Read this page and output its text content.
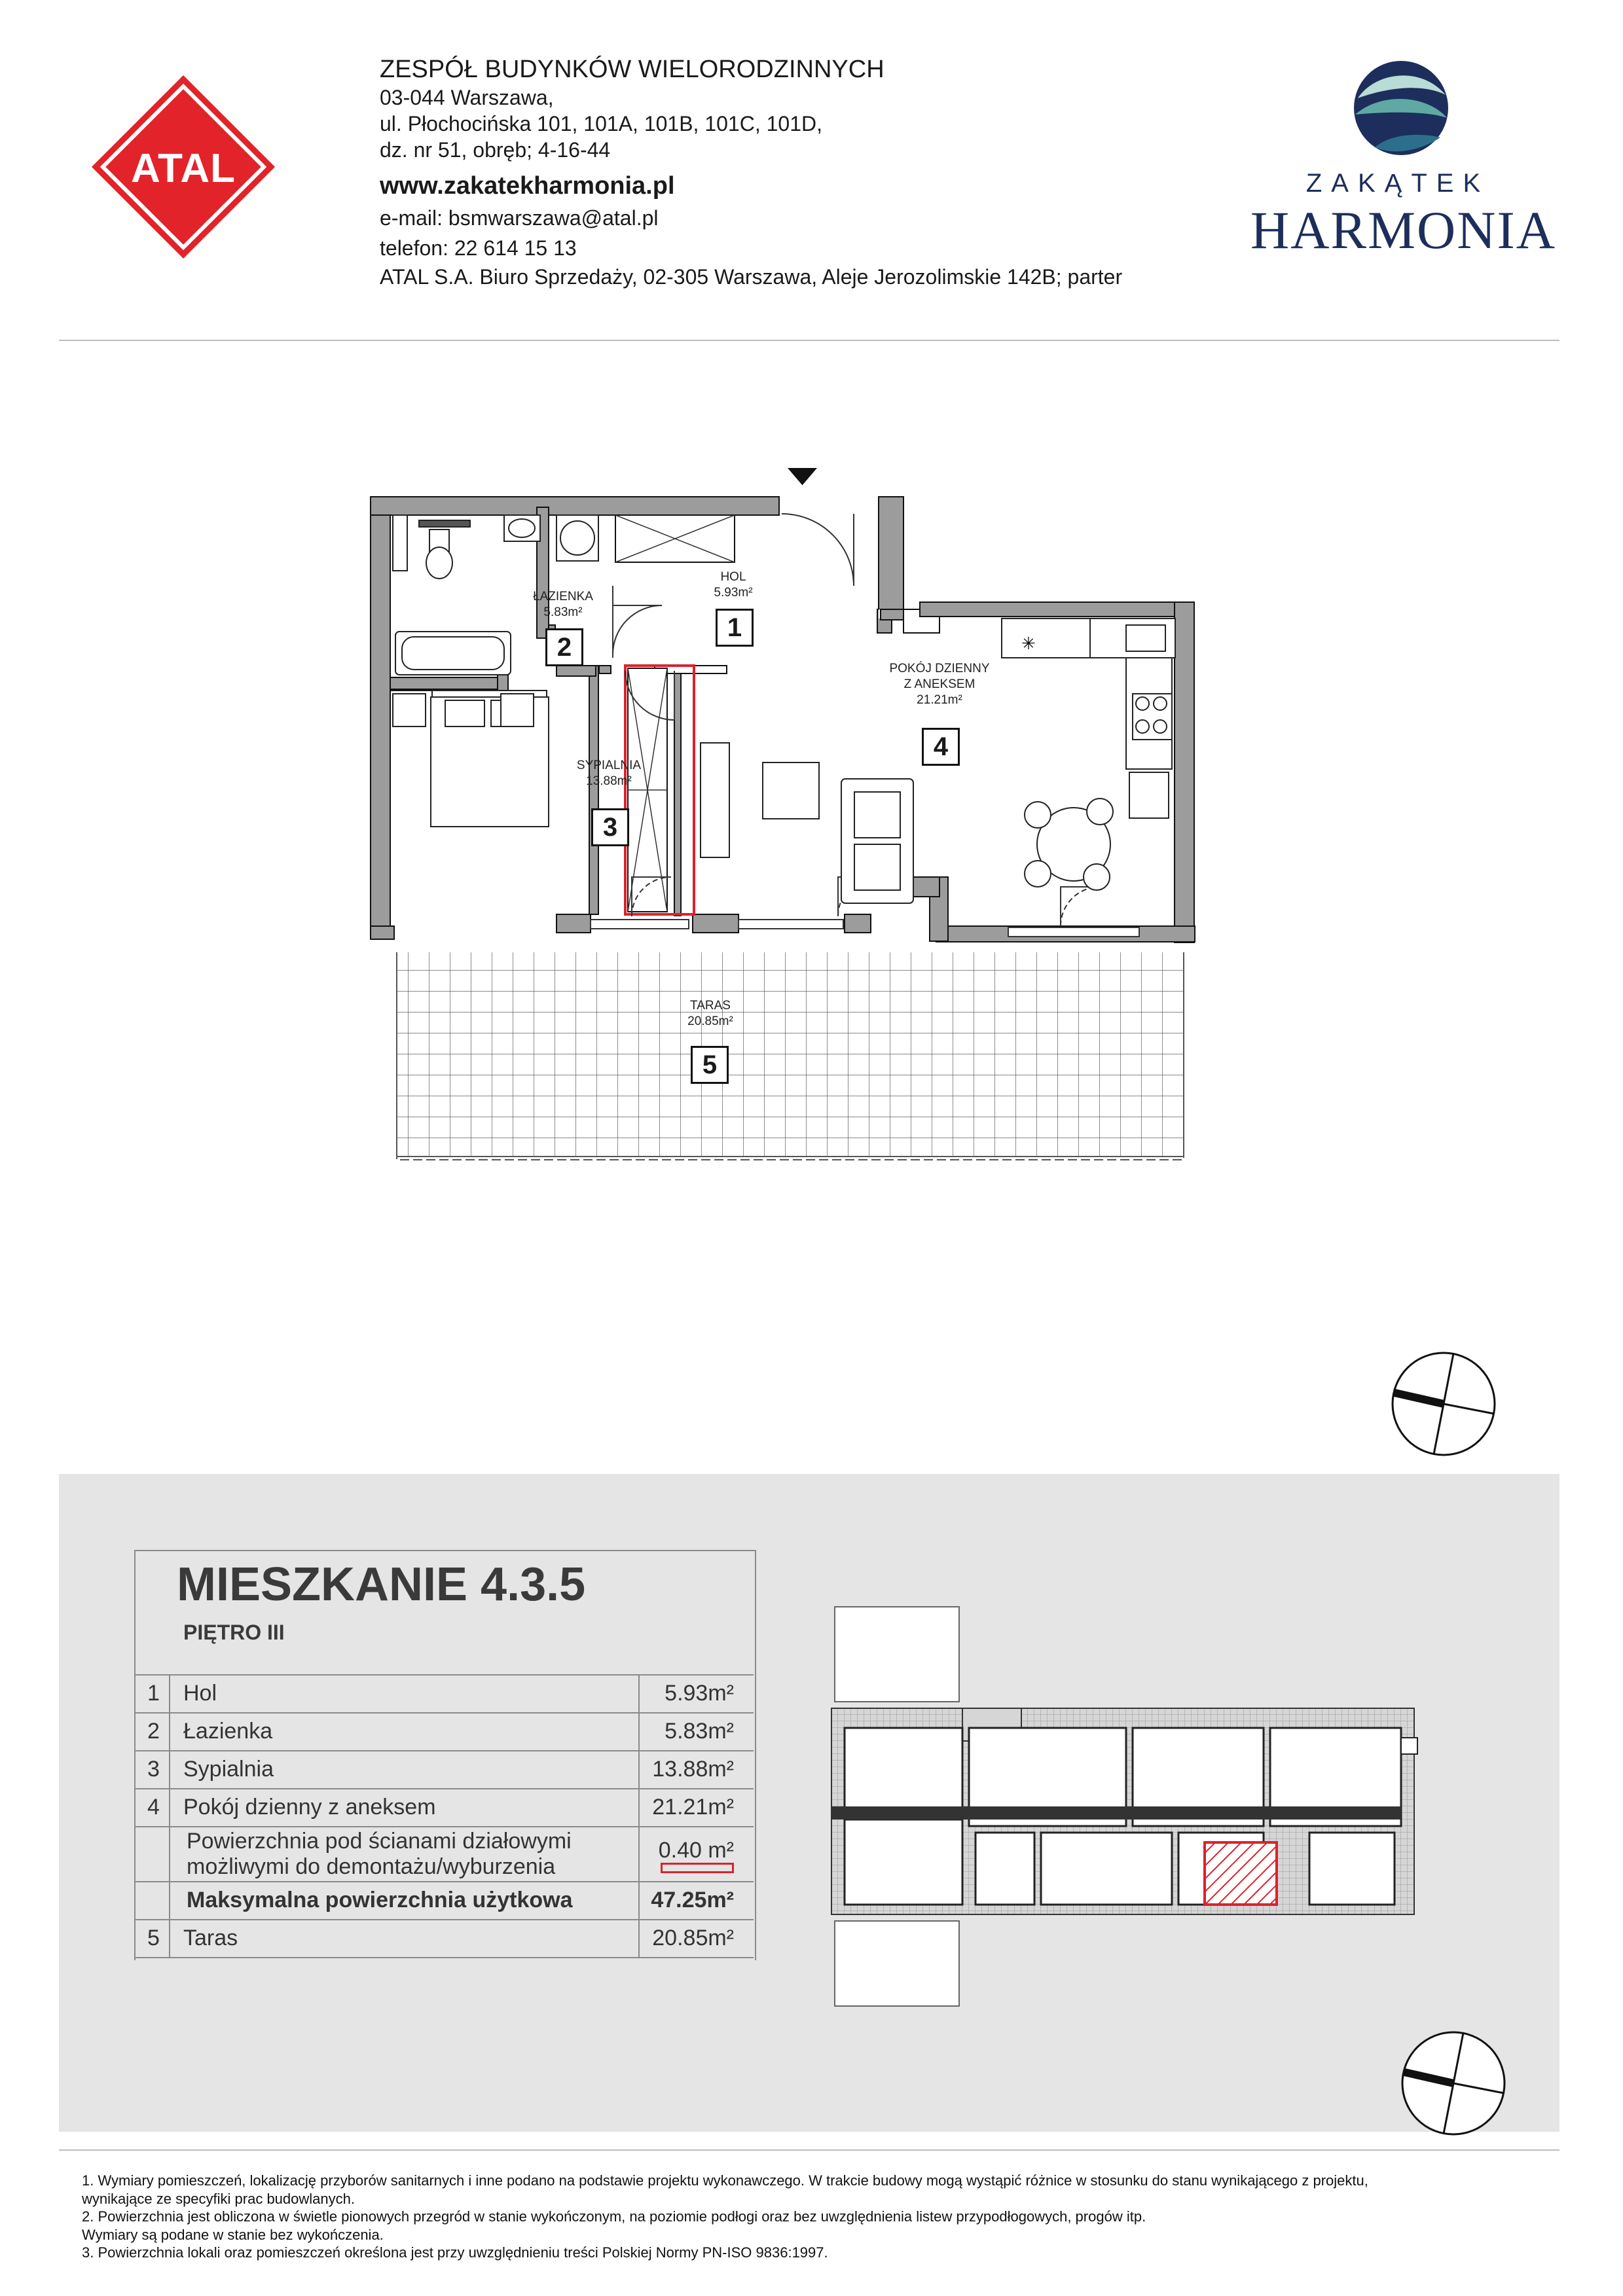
ATAL
ZESPÓŁ BUDYNKÓW WIELORODZINNYCH
03-044 Warszawa,
ul. Płochocińska 101, 101A, 101B, 101C, 101D,
dz. nr 51, obręb; 4-16-44
www.zakatekharmonia.pl
e-mail: bsmwarszawa@atal.pl
telefon: 22 614 15 13
ATAL S.A. Biuro Sprzedaży, 02-305 Warszawa, Aleje Jerozolimskie 142B; parter
ZAKĄTEK
HARMONIA
✳
HOL
5.93m²
1
ŁAZIENKA
5.83m²
2
SYPIALNIA
13.88m²
3
POKÓJ DZIENNY
Z ANEKSEM
21.21m²
4
TARAS
20.85m²
5
MIESZKANIE 4.3.5
PIĘTRO III
1 Hol	5.93m²
2 Łazienka	5.83m²
3 Sypialnia	13.88m²
4 Pokój dzienny z aneksem	21.21m²
Powierzchnia pod ścianami działowymi
możliwymi do demontażu/wyburzenia
0.40 m²
Maksymalna powierzchnia użytkowa	47.25m²
5 Taras	20.85m²
1. Wymiary pomieszczeń, lokalizację przyborów sanitarnych i inne podano na podstawie projektu wykonawczego. W trakcie budowy mogą wystąpić różnice w stosunku do stanu wynikającego z projektu,
wynikające ze specyfiki prac budowlanych.
2. Powierzchnia jest obliczona w świetle pionowych przegród w stanie wykończonym, na poziomie podłogi oraz bez uwzględnienia listew przypodłogowych, progów itp.
Wymiary są podane w stanie bez wykończenia.
3. Powierzchnia lokali oraz pomieszczeń określona jest przy uwzględnieniu treści Polskiej Normy PN-ISO 9836:1997.
